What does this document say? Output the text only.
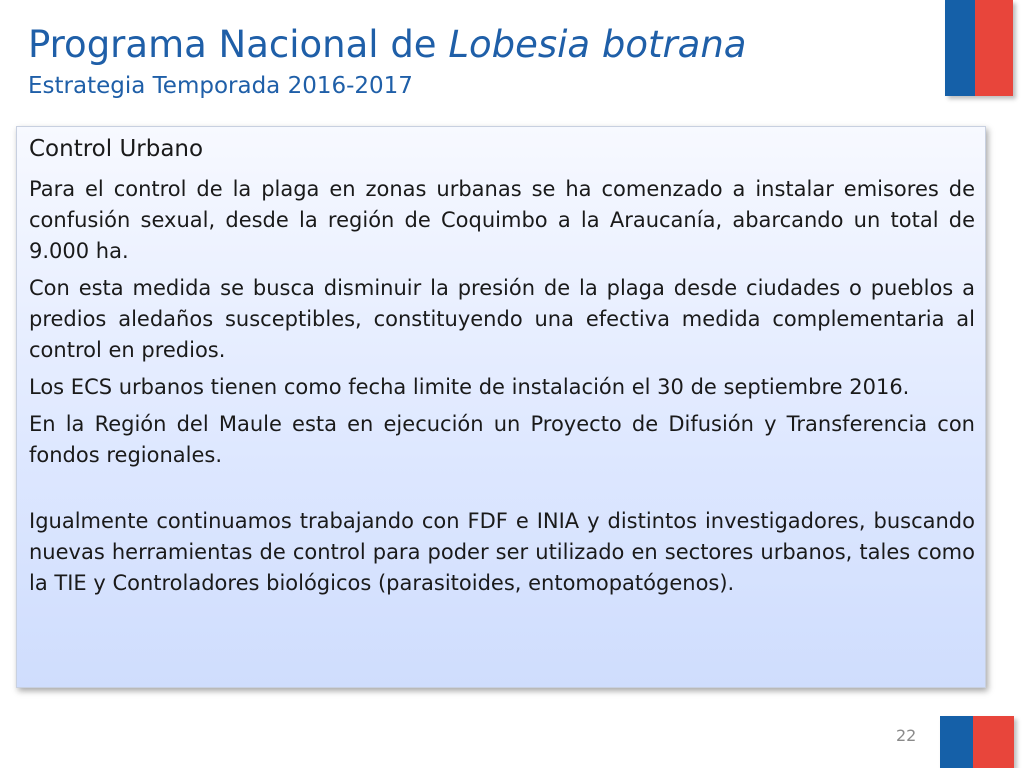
Programa Nacional de Lobesia botrana
Estrategia Temporada 2016-2017
Control Urbano

Para el control de la plaga en zonas urbanas se ha comenzado a instalar emisores de confusión sexual, desde la región de Coquimbo a la Araucanía, abarcando un total de 9.000 ha.

Con esta medida se busca disminuir la presión de la plaga desde ciudades o pueblos a predios aledaños susceptibles, constituyendo una efectiva medida complementaria al control en predios.

Los ECS urbanos tienen como fecha limite de instalación el 30 de septiembre 2016.

En la Región del Maule esta en ejecución un Proyecto de Difusión y Transferencia con fondos regionales.

Igualmente continuamos trabajando con FDF e INIA y distintos investigadores, buscando nuevas herramientas de control para poder ser utilizado en sectores urbanos, tales como la TIE y Controladores biológicos (parasitoides, entomopatógenos).

22
